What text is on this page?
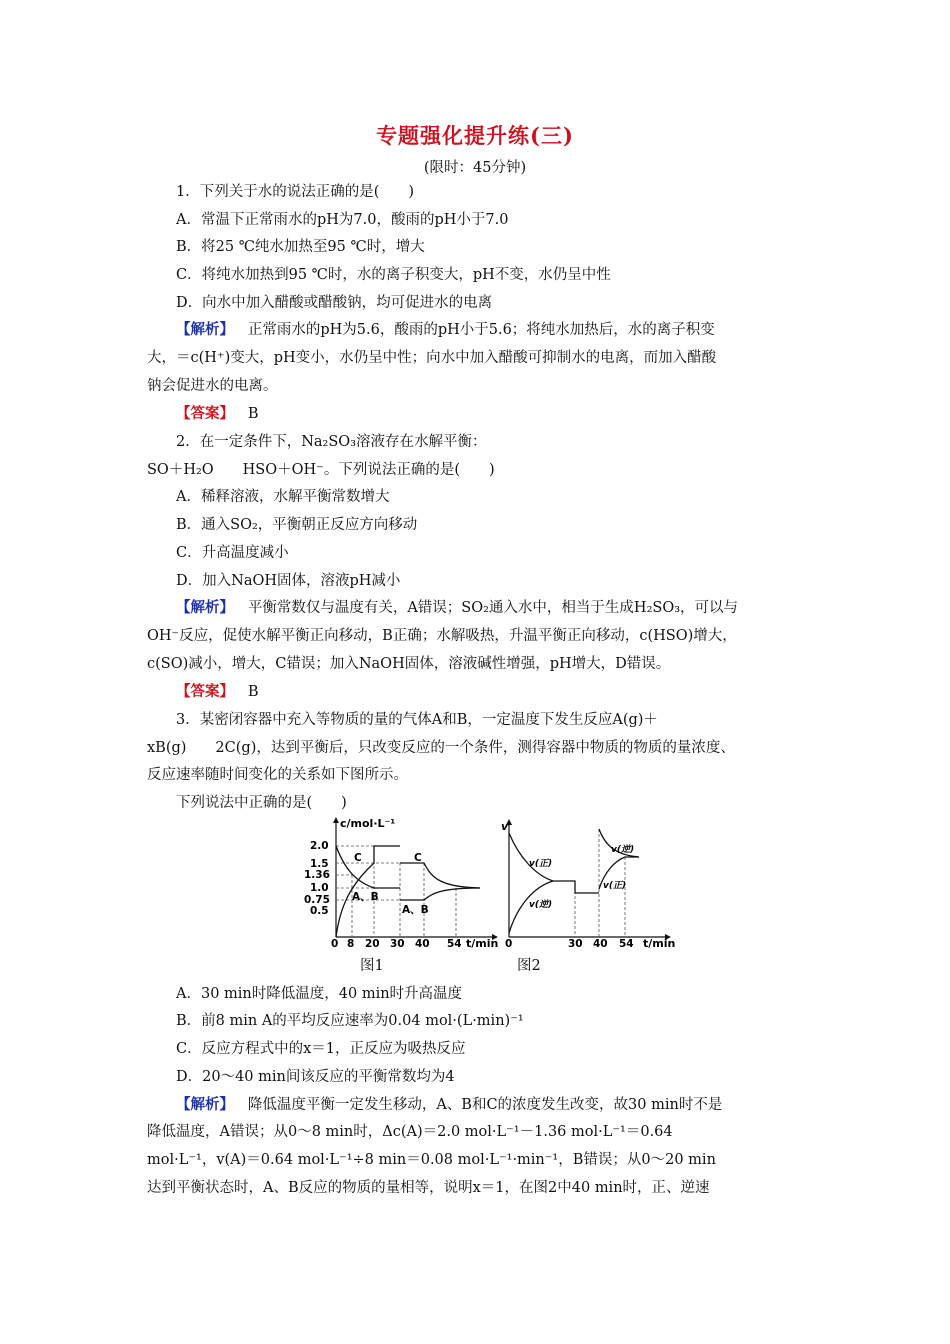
专题强化提升练(三)
(限时：45分钟)
1．下列关于水的说法正确的是(　　)
A．常温下正常雨水的pH为7.0，酸雨的pH小于7.0
B．将25 ℃纯水加热至95 ℃时，增大
C．将纯水加热到95 ℃时，水的离子积变大，pH不变，水仍呈中性
D．向水中加入醋酸或醋酸钠，均可促进水的电离
【解析】 正常雨水的pH为5.6，酸雨的pH小于5.6；将纯水加热后，水的离子积变
大，＝c(H⁺)变大，pH变小，水仍呈中性；向水中加入醋酸可抑制水的电离，而加入醋酸
钠会促进水的电离。
【答案】 B
2．在一定条件下，Na₂SO₃溶液存在水解平衡：
SO＋H₂O　　HSO＋OH⁻。下列说法正确的是(　　)
A．稀释溶液，水解平衡常数增大
B．通入SO₂，平衡朝正反应方向移动
C．升高温度减小
D．加入NaOH固体，溶液pH减小
【解析】 平衡常数仅与温度有关，A错误；SO₂通入水中，相当于生成H₂SO₃，可以与
OH⁻反应，促使水解平衡正向移动，B正确；水解吸热，升温平衡正向移动，c(HSO)增大，
c(SO)减小，增大，C错误；加入NaOH固体，溶液碱性增强，pH增大，D错误。
【答案】 B
3．某密闭容器中充入等物质的量的气体A和B，一定温度下发生反应A(g)＋
xB(g)　　2C(g)，达到平衡后，只改变反应的一个条件，测得容器中物质的物质的量浓度、
反应速率随时间变化的关系如下图所示。
下列说法中正确的是(　　)
c/mol·L⁻¹
t/min
2.0
1.5
1.36
1.0
0.75
0.5
0 8 20 30 40 54
C
A、B
C
A、B
图1
v
t/min
0	30 40 54
v(正)
v(逆)
v(逆)
v(正)
图2
A．30 min时降低温度，40 min时升高温度
B．前8 min A的平均反应速率为0.04 mol·(L·min)⁻¹
C．反应方程式中的x＝1，正反应为吸热反应
D．20～40 min间该反应的平衡常数均为4
【解析】 降低温度平衡一定发生移动，A、B和C的浓度发生改变，故30 min时不是
降低温度，A错误；从0～8 min时，Δc(A)＝2.0 mol·L⁻¹－1.36 mol·L⁻¹＝0.64
mol·L⁻¹，v(A)＝0.64 mol·L⁻¹÷8 min＝0.08 mol·L⁻¹·min⁻¹，B错误；从0～20 min
达到平衡状态时，A、B反应的物质的量相等，说明x＝1，在图2中40 min时，正、逆速
